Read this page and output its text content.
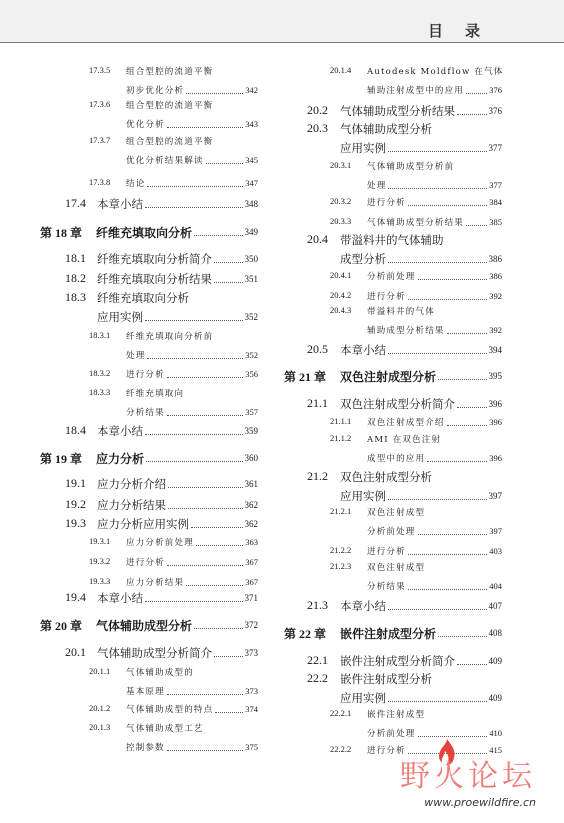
目录
17.3.5 组合型腔的流道平衡
初步优化分析	342
17.3.6 组合型腔的流道平衡
优化分析	343
17.3.7 组合型腔的流道平衡
优化分析结果解读	345
17.3.8 结论	347
17.4 本章小结	348
第 18 章 纤维充填取向分析	349
18.1 纤维充填取向分析简介	350
18.2 纤维充填取向分析结果	351
18.3 纤维充填取向分析
应用实例	352
18.3.1 纤维充填取向分析前
处理	352
18.3.2 进行分析	356
18.3.3 纤维充填取向
分析结果	357
18.4 本章小结	359
第 19 章 应力分析	360
19.1 应力分析介绍	361
19.2 应力分析结果	362
19.3 应力分析应用实例	362
19.3.1 应力分析前处理	363
19.3.2 进行分析	367
19.3.3 应力分析结果	367
19.4 本章小结	371
第 20 章 气体辅助成型分析	372
20.1 气体辅助成型分析简介	373
20.1.1 气体辅助成型的
基本原理	373
20.1.2 气体辅助成型的特点	374
20.1.3 气体辅助成型工艺
控制参数	375
20.1.4 Autodesk Moldflow 在气体
辅助注射成型中的应用	376
20.2 气体辅助成型分析结果	376
20.3 气体辅助成型分析
应用实例	377
20.3.1 气体辅助成型分析前
处理	377
20.3.2 进行分析	384
20.3.3 气体辅助成型分析结果	385
20.4 带溢料井的气体辅助
成型分析	386
20.4.1 分析前处理	386
20.4.2 进行分析	392
20.4.3 带溢料井的气体
辅助成型分析结果	392
20.5 本章小结	394
第 21 章 双色注射成型分析	395
21.1 双色注射成型分析简介	396
21.1.1 双色注射成型介绍	396
21.1.2 AMI 在双色注射
成型中的应用	396
21.2 双色注射成型分析
应用实例	397
21.2.1 双色注射成型
分析前处理	397
21.2.2 进行分析	403
21.2.3 双色注射成型
分析结果	404
21.3 本章小结	407
第 22 章 嵌件注射成型分析	408
22.1 嵌件注射成型分析简介	409
22.2 嵌件注射成型分析
应用实例	409
22.2.1 嵌件注射成型
分析前处理	410
22.2.2 进行分析	415
野火论坛
www.proewildfire.cn
